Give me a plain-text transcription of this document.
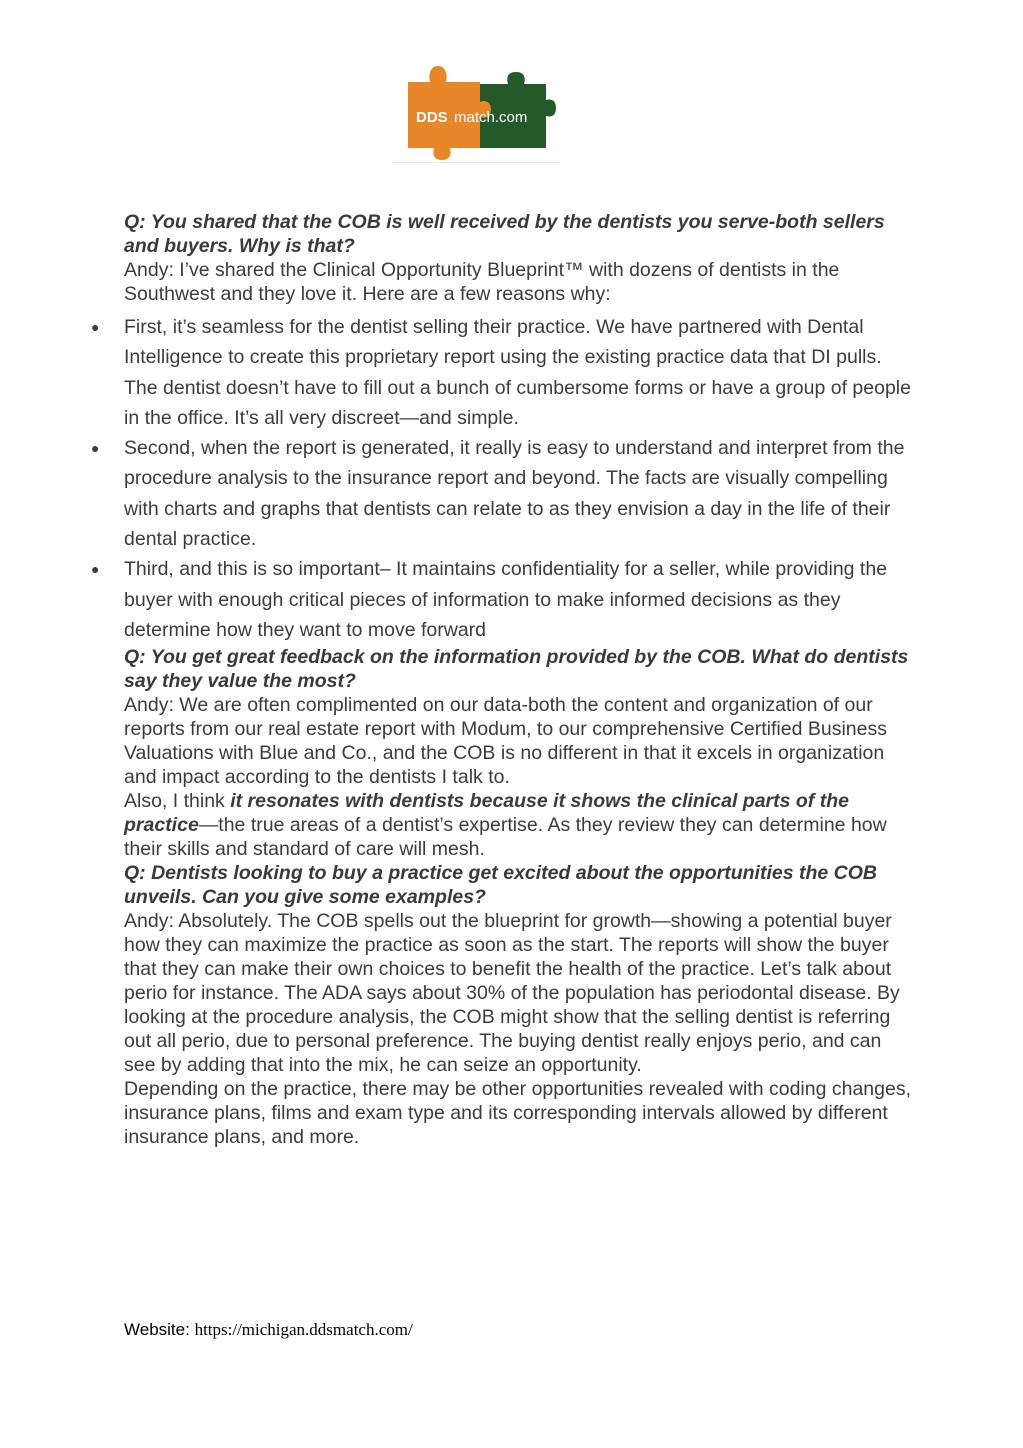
DDS match.com
Q: You shared that the COB is well received by the dentists you serve-both sellers and buyers. Why is that?

Andy: I’ve shared the Clinical Opportunity Blueprint™ with dozens of dentists in the Southwest and they love it. Here are a few reasons why:

● First, it’s seamless for the dentist selling their practice. We have partnered with Dental Intelligence to create this proprietary report using the existing practice data that DI pulls. The dentist doesn’t have to fill out a bunch of cumbersome forms or have a group of people in the office. It’s all very discreet—and simple.
● Second, when the report is generated, it really is easy to understand and interpret from the procedure analysis to the insurance report and beyond. The facts are visually compelling with charts and graphs that dentists can relate to as they envision a day in the life of their dental practice.
● Third, and this is so important– It maintains confidentiality for a seller, while providing the buyer with enough critical pieces of information to make informed decisions as they determine how they want to move forward
Q: You get great feedback on the information provided by the COB. What do dentists say they value the most?

Andy: We are often complimented on our data-both the content and organization of our reports from our real estate report with Modum, to our comprehensive Certified Business Valuations with Blue and Co., and the COB is no different in that it excels in organization and impact according to the dentists I talk to.

Also, I think it resonates with dentists because it shows the clinical parts of the practice—the true areas of a dentist’s expertise. As they review they can determine how their skills and standard of care will mesh.

Q: Dentists looking to buy a practice get excited about the opportunities the COB unveils. Can you give some examples?

Andy: Absolutely. The COB spells out the blueprint for growth—showing a potential buyer how they can maximize the practice as soon as the start. The reports will show the buyer that they can make their own choices to benefit the health of the practice. Let’s talk about perio for instance. The ADA says about 30% of the population has periodontal disease. By looking at the procedure analysis, the COB might show that the selling dentist is referring out all perio, due to personal preference. The buying dentist really enjoys perio, and can see by adding that into the mix, he can seize an opportunity.

Depending on the practice, there may be other opportunities revealed with coding changes, insurance plans, films and exam type and its corresponding intervals allowed by different insurance plans, and more.

Website: https://michigan.ddsmatch.com/
